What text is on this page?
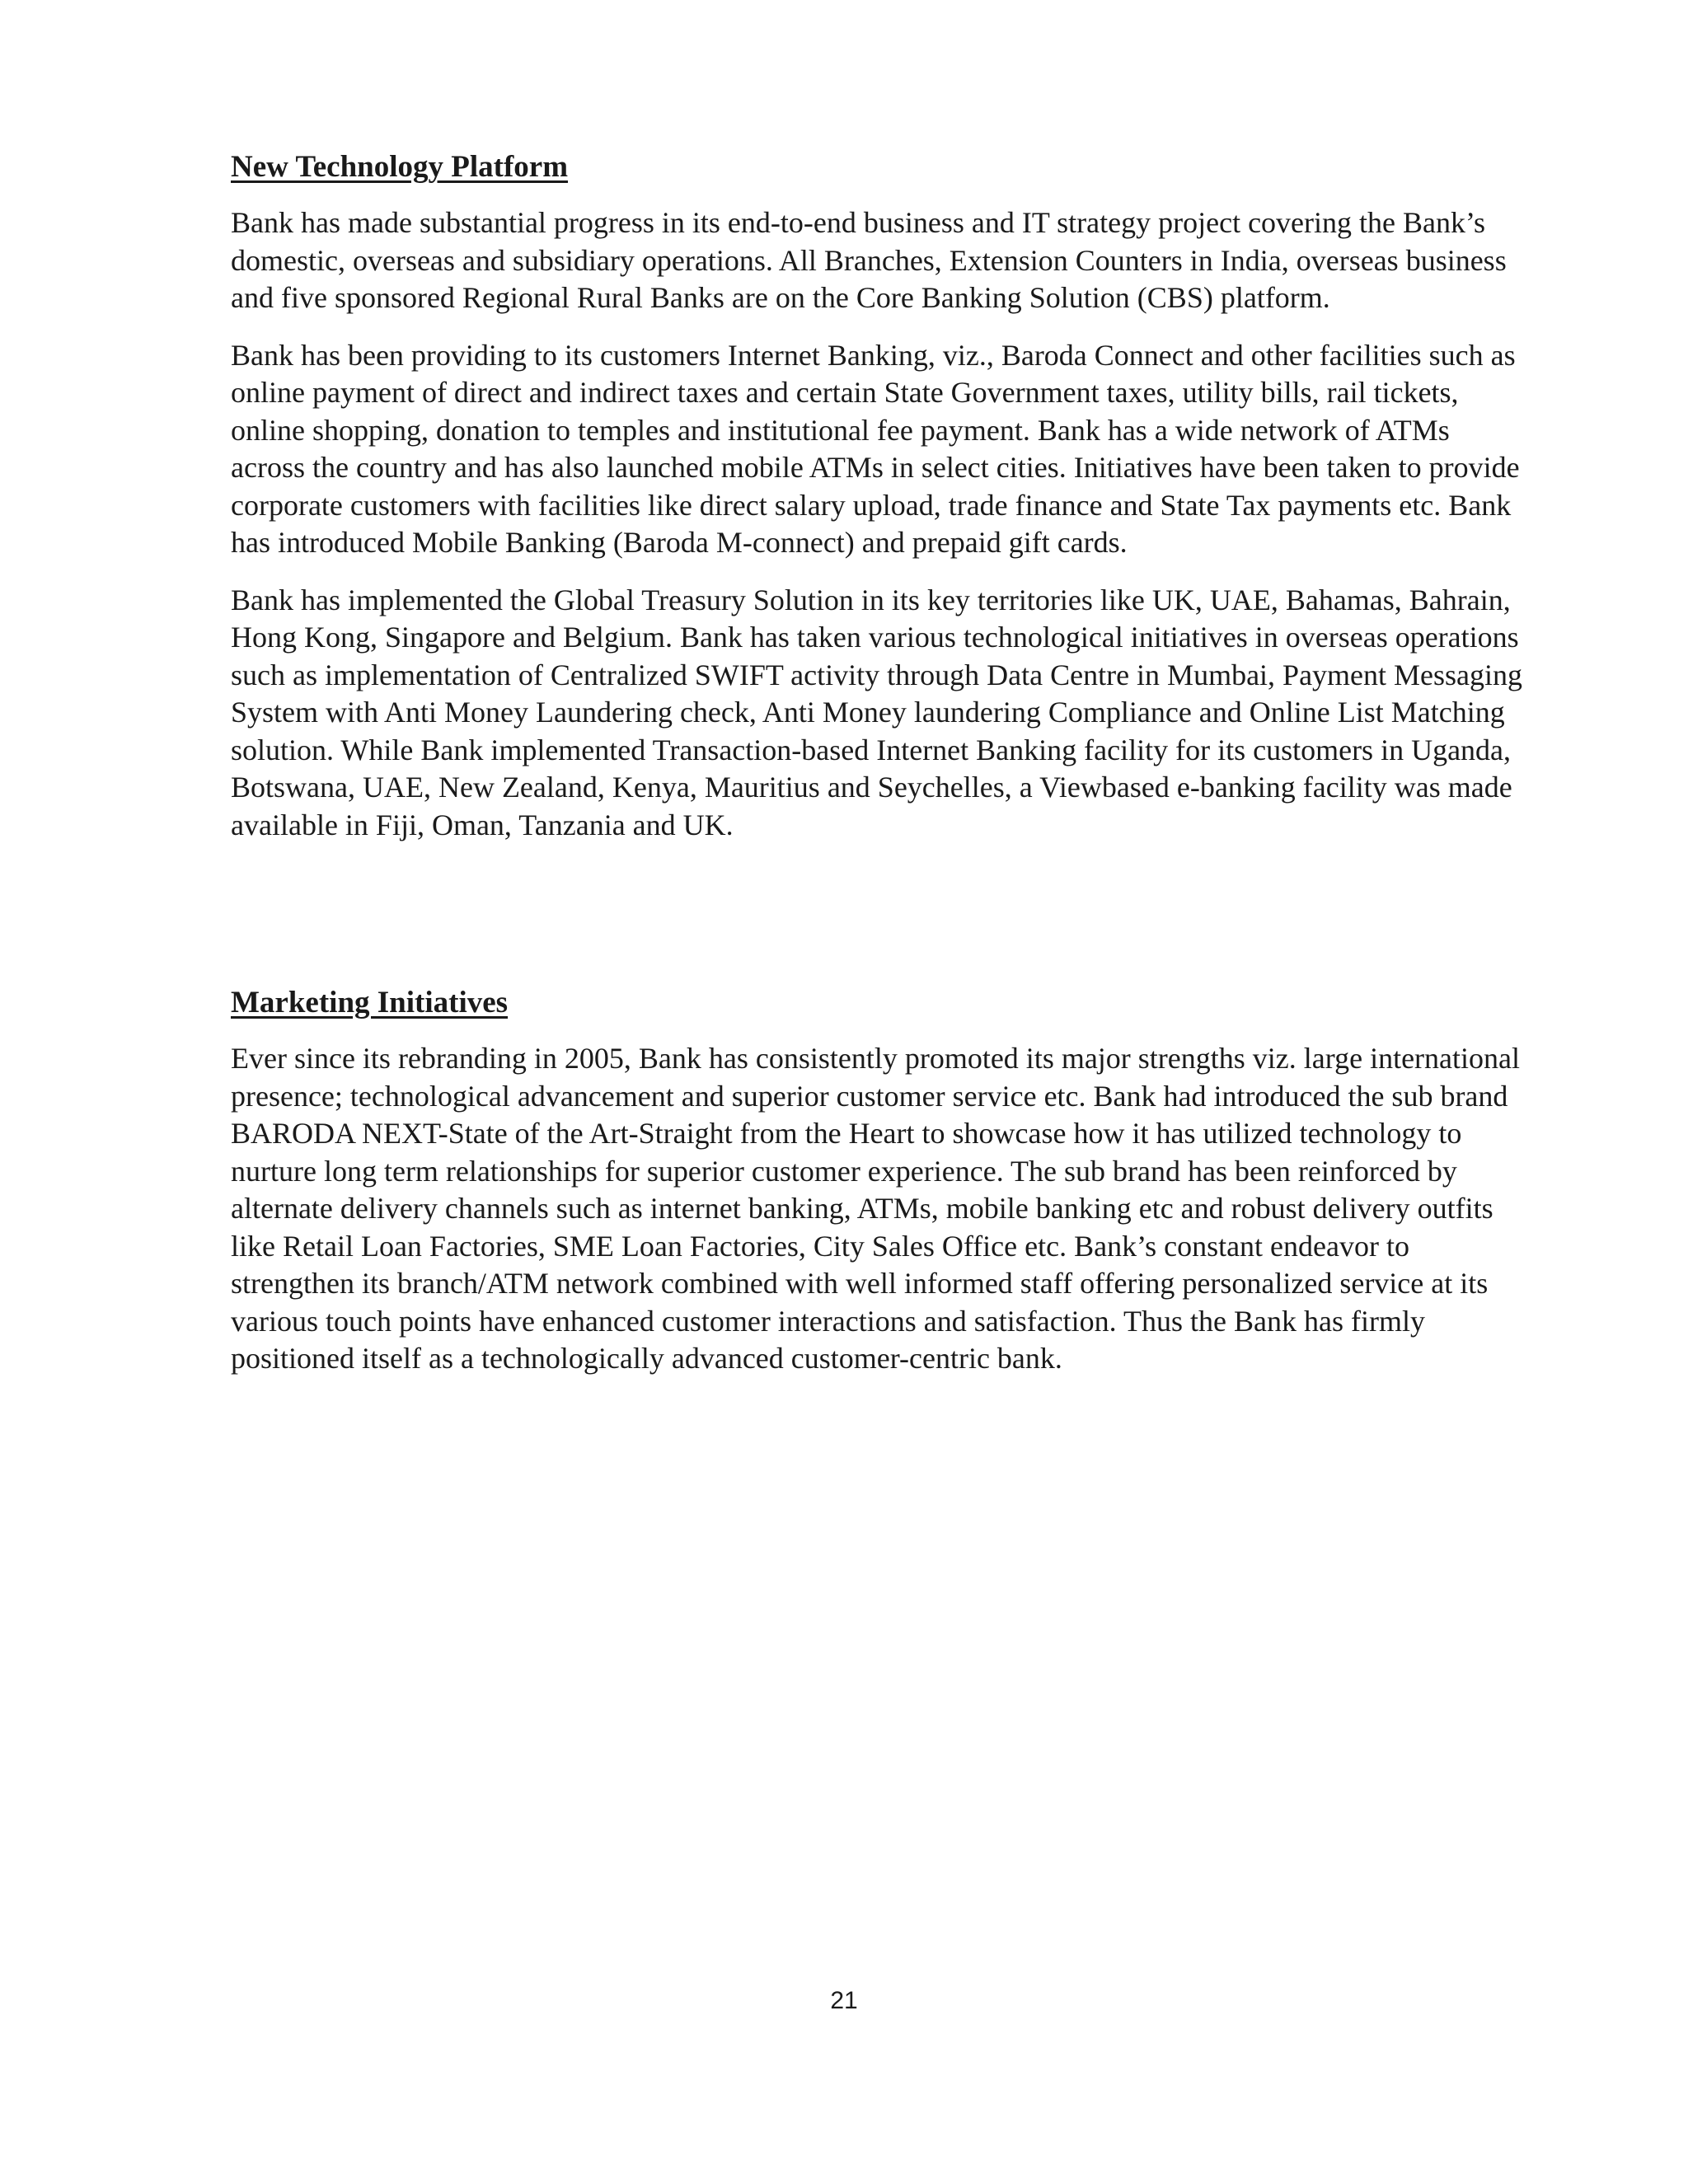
New Technology Platform

Bank has made substantial progress in its end-to-end business and IT strategy project covering the Bank’s domestic, overseas and subsidiary operations. All Branches, Extension Counters in India, overseas business and five sponsored Regional Rural Banks are on the Core Banking Solution (CBS) platform.

Bank has been providing to its customers Internet Banking, viz., Baroda Connect and other facilities such as online payment of direct and indirect taxes and certain State Government taxes, utility bills, rail tickets, online shopping, donation to temples and institutional fee payment. Bank has a wide network of ATMs across the country and has also launched mobile ATMs in select cities. Initiatives have been taken to provide corporate customers with facilities like direct salary upload, trade finance and State Tax payments etc. Bank has introduced Mobile Banking (Baroda M-connect) and prepaid gift cards.

Bank has implemented the Global Treasury Solution in its key territories like UK, UAE, Bahamas, Bahrain, Hong Kong, Singapore and Belgium. Bank has taken various technological initiatives in overseas operations such as implementation of Centralized SWIFT activity through Data Centre in Mumbai, Payment Messaging System with Anti Money Laundering check, Anti Money laundering Compliance and Online List Matching solution. While Bank implemented Transaction-based Internet Banking facility for its customers in Uganda, Botswana, UAE, New Zealand, Kenya, Mauritius and Seychelles, a Viewbased e-banking facility was made available in Fiji, Oman, Tanzania and UK.

Marketing Initiatives

Ever since its rebranding in 2005, Bank has consistently promoted its major strengths viz. large international presence; technological advancement and superior customer service etc. Bank had introduced the sub brand BARODA NEXT-State of the Art-Straight from the Heart to showcase how it has utilized technology to nurture long term relationships for superior customer experience. The sub brand has been reinforced by alternate delivery channels such as internet banking, ATMs, mobile banking etc and robust delivery outfits like Retail Loan Factories, SME Loan Factories, City Sales Office etc. Bank’s constant endeavor to strengthen its branch/ATM network combined with well informed staff offering personalized service at its various touch points have enhanced customer interactions and satisfaction. Thus the Bank has firmly positioned itself as a technologically advanced customer-centric bank.

21
